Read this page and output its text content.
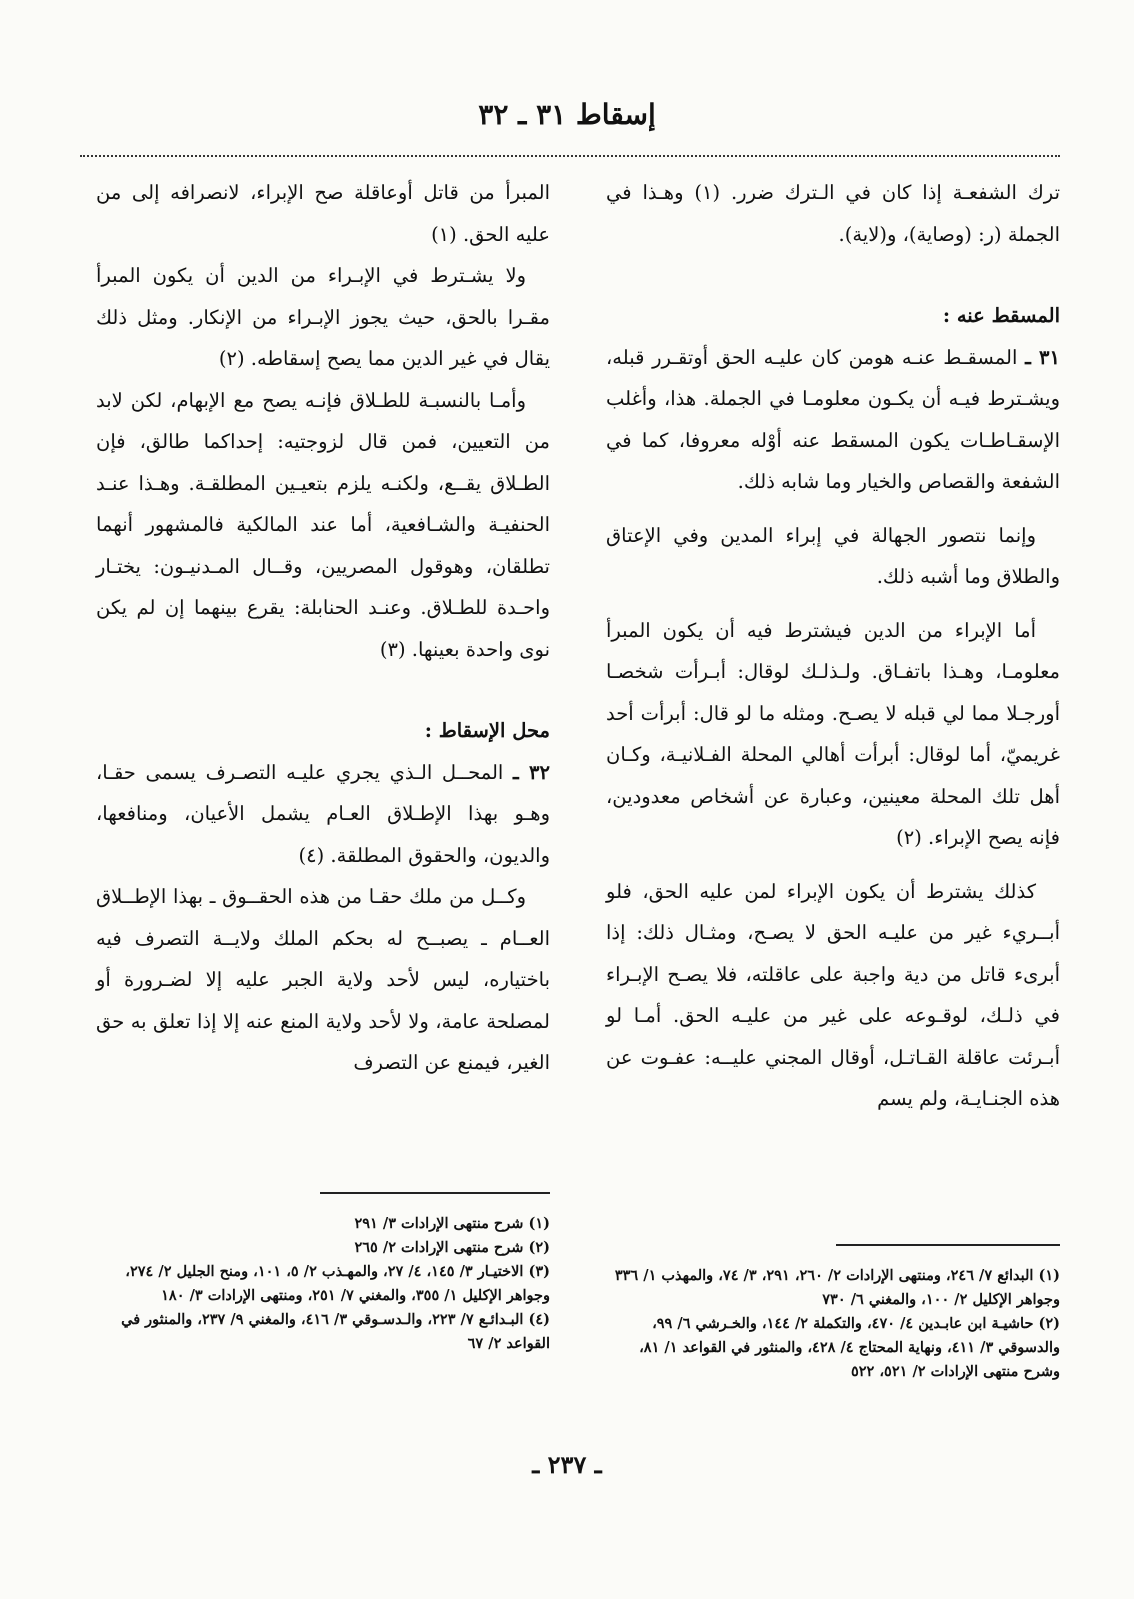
إسقاط ٣١ ـ ٣٢

ترك الشفعـة إذا كان في الـترك ضرر. (١) وهـذا في الجملة (ر: (وصاية)، و(لاية).

المسقط عنه :

٣١ ـ المسقـط عنـه هومن كان عليـه الحق أوتقـرر قبله، ويشـترط فيـه أن يكـون معلومـا في الجملة. هذا، وأغلب الإسقـاطـات يكون المسقط عنه أوْله معروفا، كما في الشفعة والقصاص والخيار وما شابه ذلك.

وإنما نتصور الجهالة في إبراء المدين وفي الإعتاق والطلاق وما أشبه ذلك.

أما الإبراء من الدين فيشترط فيه أن يكون المبرأ معلومـا، وهـذا باتفـاق. ولـذلـك لوقال: أبـرأت شخصـا أورجـلا مما لي قبله لا يصـح. ومثله ما لو قال: أبرأت أحد غريميّ، أما لوقال: أبرأت أهالي المحلة الفـلانيـة، وكـان أهل تلك المحلة معينين، وعبارة عن أشخاص معدودين، فإنه يصح الإبراء. (٢)

كذلك يشترط أن يكون الإبراء لمن عليه الحق، فلو أبــريء غير من عليـه الحق لا يصـح، ومثـال ذلك: إذا أبرىء قاتل من دية واجبة على عاقلته، فلا يصـح الإبـراء في ذلـك، لوقـوعه على غير من عليـه الحق. أمـا لو أبـرئت عاقلة القـاتـل، أوقال المجني عليــه: عفـوت عن هذه الجنـايـة، ولم يسم

المبرأ من قاتل أوعاقلة صح الإبراء، لانصرافه إلى من عليه الحق. (١)

ولا يشـترط في الإبـراء من الدين أن يكون المبرأ مقـرا بالحق، حيث يجوز الإبـراء من الإنكار. ومثل ذلك يقال في غير الدين مما يصح إسقاطه. (٢)

وأمـا بالنسبـة للطـلاق فإنـه يصح مع الإبهام، لكن لابد من التعيين، فمن قال لزوجتيه: إحداكما طالق، فإن الطـلاق يقــع، ولكنـه يلزم بتعيـين المطلقـة. وهـذا عنـد الحنفيـة والشـافعية، أما عند المالكية فالمشهور أنهما تطلقان، وهوقول المصريين، وقــال المـدنيـون: يختـار واحـدة للطـلاق. وعنـد الحنابلة: يقرع بينهما إن لم يكن نوى واحدة بعينها. (٣)

محل الإسقاط :

٣٢ ـ المحــل الـذي يجري عليـه التصـرف يسمى حقـا، وهـو بهذا الإطـلاق العـام يشمل الأعيان، ومنافعها، والديون، والحقوق المطلقة. (٤)

وكــل من ملك حقـا من هذه الحقــوق ـ بهذا الإطــلاق العــام ـ يصبــح له بحكم الملك ولايــة التصرف فيه باختياره، ليس لأحد ولاية الجبر عليه إلا لضـرورة أو لمصلحة عامة، ولا لأحد ولاية المنع عنه إلا إذا تعلق به حق الغير، فيمنع عن التصرف

(١) البدائع ٧/ ٢٤٦، ومنتهى الإرادات ٢/ ٢٦٠، ٢٩١، ٣/ ٧٤، والمهذب ١/ ٣٣٦ وجواهر الإكليل ٢/ ١٠٠، والمغني ٦/ ٧٣٠

(٢) حاشيـة ابن عابـدين ٤/ ٤٧٠، والتكملة ٢/ ١٤٤، والخـرشي ٦/ ٩٩، والدسوقي ٣/ ٤١١، ونهاية المحتاج ٤/ ٤٢٨، والمنثور في القواعد ١/ ٨١، وشرح منتهى الإرادات ٢/ ٥٢١، ٥٢٢

(١) شرح منتهى الإرادات ٣/ ٢٩١

(٢) شرح منتهى الإرادات ٢/ ٢٦٥

(٣) الاختيـار ٣/ ١٤٥، ٤/ ٢٧، والمهـذب ٢/ ٥، ١٠١، ومنح الجليل ٢/ ٢٧٤، وجواهر الإكليل ١/ ٣٥٥، والمغني ٧/ ٢٥١، ومنتهى الإرادات ٣/ ١٨٠

(٤) البـدائـع ٧/ ٢٢٣، والـدسـوقي ٣/ ٤١٦، والمغني ٩/ ٢٣٧، والمنثور في القواعد ٢/ ٦٧

ـ ٢٣٧ ـ
